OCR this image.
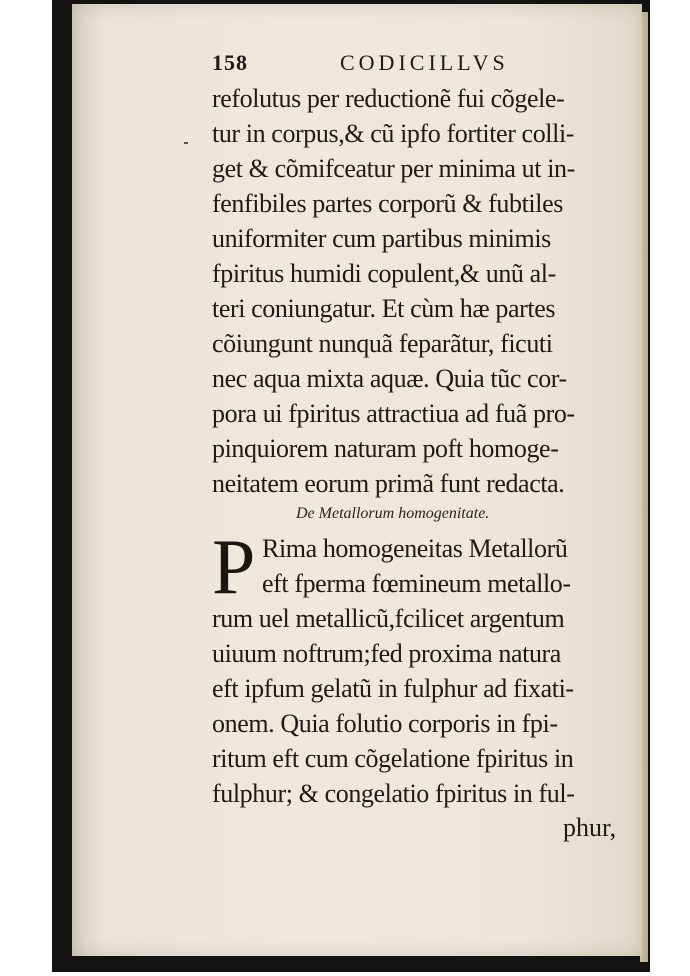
158	CODICILLVS
refolutus per reductionẽ fui cõgele-
tur in corpus,& cũ ipfo fortiter colli-
get & cõmifceatur per minima ut in-
fenfibiles partes corporũ & fubtiles
uniformiter cum partibus minimis
fpiritus humidi copulent,& unũ al-
teri coniungatur. Et cùm hæ partes
cõiungunt nunquã feparãtur, ficuti
nec aqua mixta aquæ. Quia tũc cor-
pora ui fpiritus attractiua ad fuã pro-
pinquiorem naturam poft homoge-
neitatem eorum primã funt redacta.
De Metallorum homogenitate.
P Rima homogeneitas Metallorũ
eft fperma fœmineum metallo-
rum uel metallicũ,fcilicet argentum
uiuum noftrum;fed proxima natura
eft ipfum gelatũ in fulphur ad fixati-
onem. Quia folutio corporis in fpi-
ritum eft cum cõgelatione fpiritus in
fulphur; & congelatio fpiritus in ful-
phur,
